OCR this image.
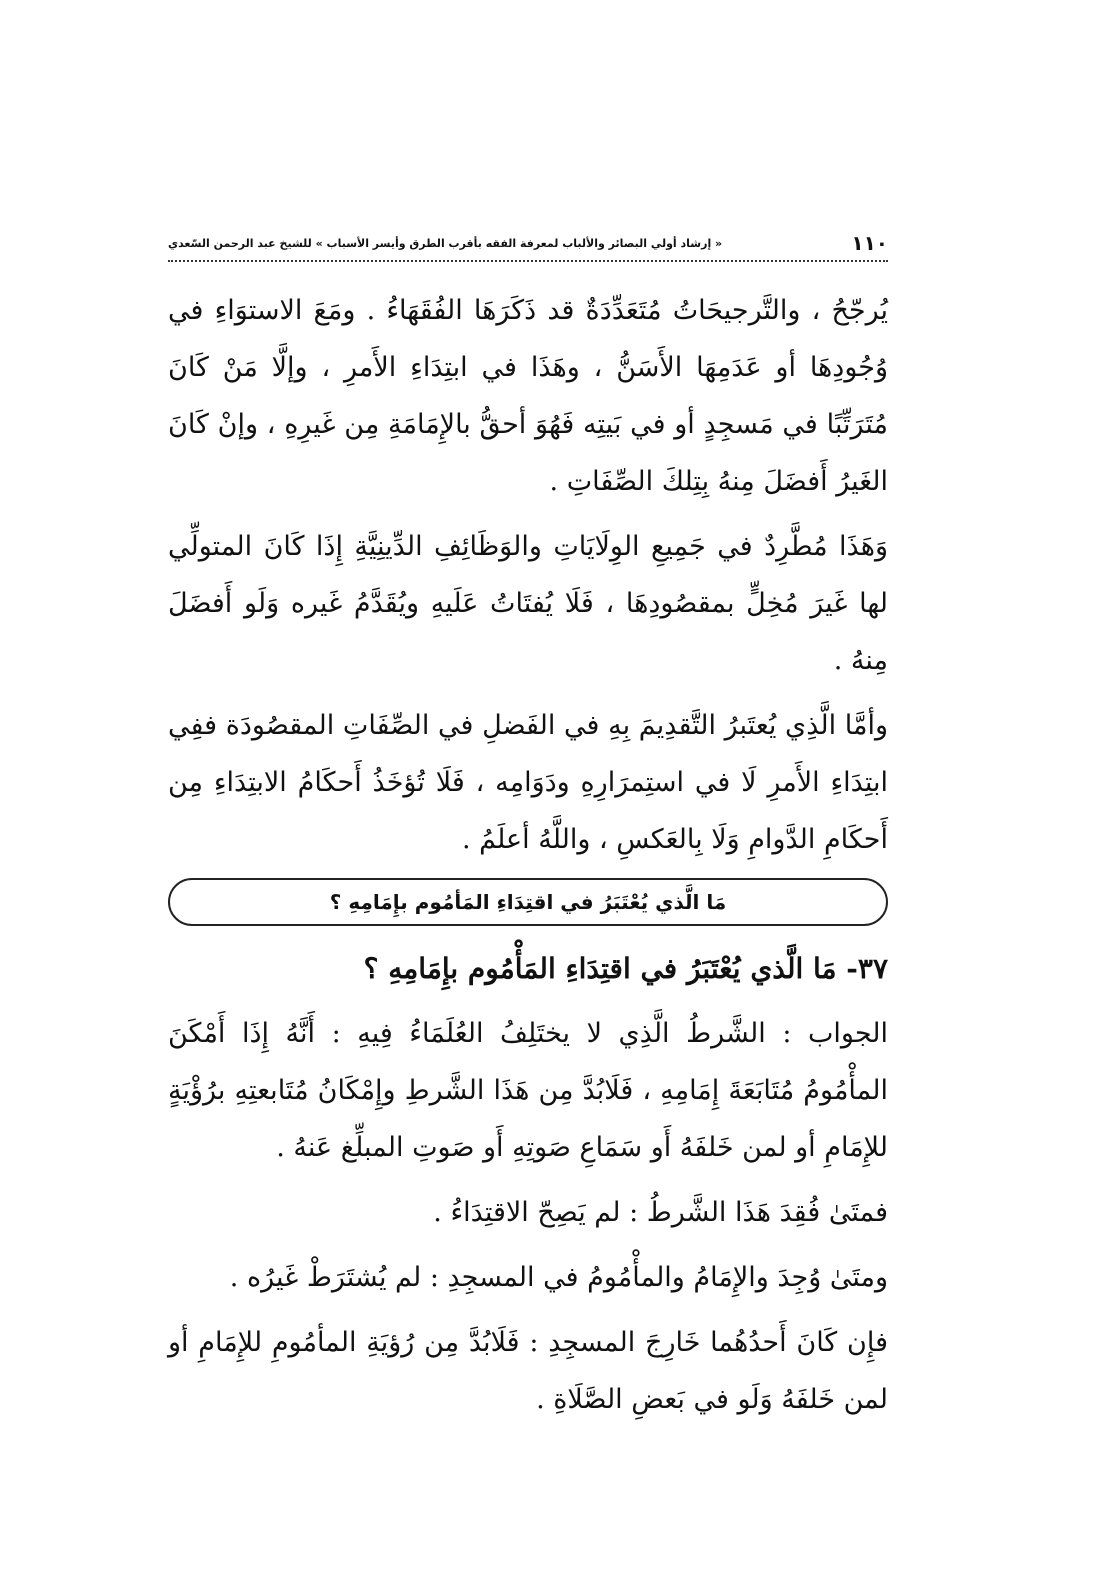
١١٠
« إرشاد أولي البصائر والألباب لمعرفة الفقه بأقرب الطرق وأيسر الأسباب » للشيخ عبد الرحمن السّعدي

يُرجّحُ ، والتَّرجيحَاتُ مُتَعَدِّدَةٌ قد ذَكَرَهَا الفُقَهَاءُ . ومَعَ الاستوَاءِ في وُجُودِهَا أو عَدَمِهَا الأَسَنُّ ، وهَذَا في ابتِدَاءِ الأَمرِ ، وإلَّا مَنْ كَانَ مُتَرَتِّبًا في مَسجِدٍ أو في بَيتِه فَهُوَ أحقُّ بالإِمَامَةِ مِن غَيرِهِ ، وإنْ كَانَ الغَيرُ أَفضَلَ مِنهُ بِتِلكَ الصِّفَاتِ .

وَهَذَا مُطَّرِدٌ في جَمِيعِ الوِلَايَاتِ والوَظَائِفِ الدِّينِيَّةِ إِذَا كَانَ المتولِّي لها غَيرَ مُخِلٍّ بمقصُودِهَا ، فَلَا يُفتَاتُ عَلَيهِ ويُقَدَّمُ غَيره وَلَو أَفضَلَ مِنهُ .

وأمَّا الَّذِي يُعتَبرُ التَّقدِيمَ بِهِ في الفَضلِ في الصِّفَاتِ المقصُودَة ففِي ابتِدَاءِ الأَمرِ لَا في استِمرَارِهِ ودَوَامِه ، فَلَا تُؤخَذُ أَحكَامُ الابتِدَاءِ مِن أَحكَامِ الدَّوامِ وَلَا بِالعَكسِ ، واللَّهُ أعلَمُ .

مَا الَّذي يُعْتَبَرُ في اقتِدَاءِ المَأمُوم بإِمَامِهِ ؟

٣٧- مَا الَّذي يُعْتَبَرُ في اقتِدَاءِ المَأْمُوم بإِمَامِهِ ؟

الجواب : الشَّرطُ الَّذِي لا يختَلِفُ العُلَمَاءُ فِيهِ : أَنَّهُ إِذَا أَمْكَنَ المأْمُومُ مُتَابَعَةَ إِمَامِهِ ، فَلَابُدَّ مِن هَذَا الشَّرطِ وإِمْكَانُ مُتَابعتِهِ برُؤْيَةٍ للإِمَامِ أو لمن خَلفَهُ أَو سَمَاعِ صَوتِهِ أَو صَوتِ المبلِّغ عَنهُ .

فمتَىٰ فُقِدَ هَذَا الشَّرطُ : لم يَصِحّ الاقتِدَاءُ .

ومتَىٰ وُجِدَ والإِمَامُ والمأْمُومُ في المسجِدِ : لم يُشتَرَطْ غَيرُه .

فإِن كَانَ أَحدُهُما خَارِجَ المسجِدِ : فَلَابُدَّ مِن رُؤيَةِ المأمُومِ للإِمَامِ أو لمن خَلفَهُ وَلَو في بَعضِ الصَّلَاةِ .
